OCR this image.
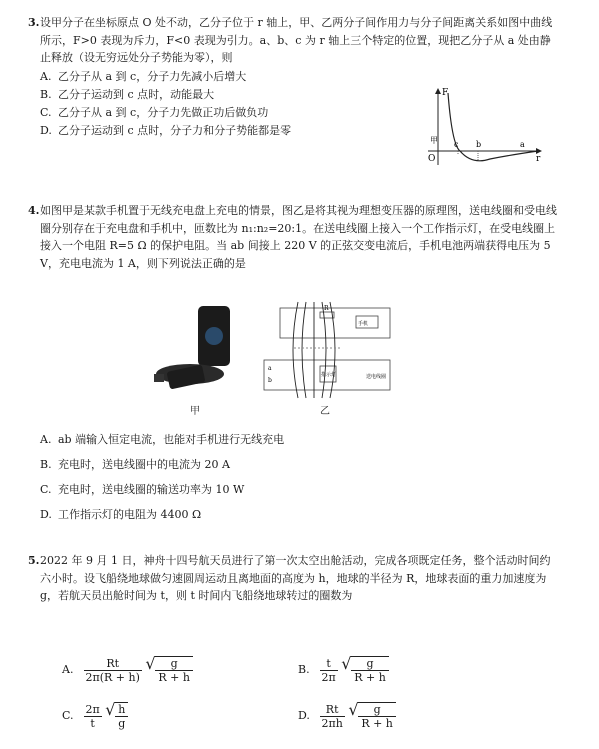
3. 设甲分子在坐标原点 O 处不动，乙分子位于 r 轴上，甲、乙两分子间作用力与分子间距离关系如图中曲线所示，F>0 表现为斥力，F<0 表现为引力。a、b、c 为 r 轴上三个特定的位置，现把乙分子从 a 处由静止释放（设无穷远处分子势能为零），则
A. 乙分子从 a 到 c，分子力先减小后增大
B. 乙分子运动到 c 点时，动能最大
C. 乙分子从 a 到 c，分子力先做正功后做负功
D. 乙分子运动到 c 点时，分子力和分子势能都是零
F
r
O
甲 c b	a
4. 如图甲是某款手机置于无线充电盘上充电的情景，图乙是将其视为理想变压器的原理图，送电线圈和受电线圈分别存在于充电盘和手机中，匝数比为 n₁:n₂=20:1。在送电线圈上接入一个工作指示灯，在受电线圈上接入一个电阻 R=5 Ω 的保护电阻。当 ab 间接上 220 V 的正弦交变电流后，手机电池两端获得电压为 5 V，充电电流为 1 A，则下列说法正确的是
甲
R
手机
指示灯
a
b	送电线圈
乙
A. ab 端输入恒定电流，也能对手机进行无线充电
B. 充电时，送电线圈中的电流为 20 A
C. 充电时，送电线圈的输送功率为 10 W
D. 工作指示灯的电阻为 4400 Ω
5. 2022 年 9 月 1 日，神舟十四号航天员进行了第一次太空出舱活动，完成各项既定任务，整个活动时间约六小时。设飞船绕地球做匀速圆周运动且离地面的高度为 h，地球的半径为 R，地球表面的重力加速度为 g，若航天员出舱时间为 t，则 t 时间内飞船绕地球转过的圈数为
A. $\frac{Rt}{2\pi(R + h)}$
√ $\frac{g}{R + h}$	B. $\frac{t}{2\pi}$
√ $\frac{g}{R + h}$
C. $\frac{2\pi}{t}$
√ $\frac{h}{g}$	D. $\frac{Rt}{2\pi h}$
√ $\frac{g}{R + h}$
